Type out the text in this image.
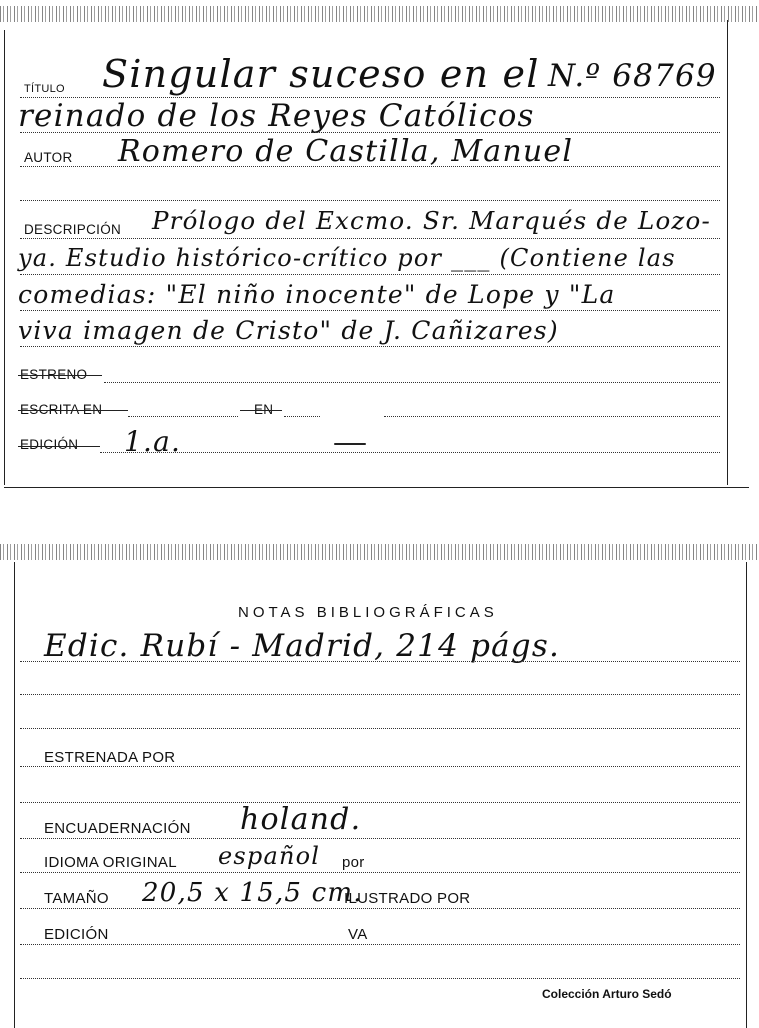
TÍTULO Singular suceso en el N.º 68769
reinado de los Reyes Católicos
AUTOR Romero de Castilla, Manuel
DESCRIPCIÓN Prólogo del Excmo. Sr. Marqués de Lozo-
ya. Estudio histórico-crítico por ___ (Contiene las
comedias: "El niño inocente" de Lope y "La
viva imagen de Cristo" de J. Cañizares)
ESTRENO
ESCRITA EN	EN
EDICIÓN 1.a.
NOTAS BIBLIOGRÁFICAS
Edic. Rubí - Madrid, 214 págs.
ESTRENADA POR
ENCUADERNACIÓN holand.
IDIOMA ORIGINAL español por
TAMAÑO 20,5 x 15,5 cm.
ILUSTRADO POR
EDICIÓN	VA
Colección Arturo Sedó
